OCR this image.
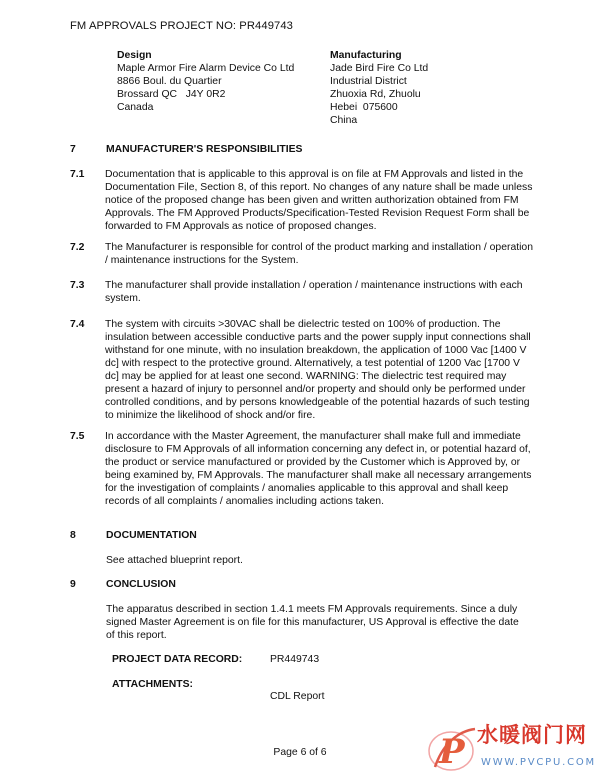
FM APPROVALS PROJECT NO: PR449743
Design
Maple Armor Fire Alarm Device Co Ltd
8866 Boul. du Quartier
Brossard QC   J4Y 0R2
Canada
Manufacturing
Jade Bird Fire Co Ltd
Industrial District
Zhuoxia Rd, Zhuolu
Hebei  075600
China
7	MANUFACTURER'S RESPONSIBILITIES
7.1 Documentation that is applicable to this approval is on file at FM Approvals and listed in the Documentation File, Section 8, of this report. No changes of any nature shall be made unless notice of the proposed change has been given and written authorization obtained from FM Approvals. The FM Approved Products/Specification-Tested Revision Request Form shall be forwarded to FM Approvals as notice of proposed changes.
7.2 The Manufacturer is responsible for control of the product marking and installation / operation / maintenance instructions for the System.
7.3 The manufacturer shall provide installation / operation / maintenance instructions with each system.
7.4 The system with circuits >30VAC shall be dielectric tested on 100% of production. The insulation between accessible conductive parts and the power supply input connections shall withstand for one minute, with no insulation breakdown, the application of 1000 Vac [1400 V dc] with respect to the protective ground. Alternatively, a test potential of 1200 Vac [1700 V dc] may be applied for at least one second. WARNING: The dielectric test required may present a hazard of injury to personnel and/or property and should only be performed under controlled conditions, and by persons knowledgeable of the potential hazards of such testing to minimize the likelihood of shock and/or fire.
7.5 In accordance with the Master Agreement, the manufacturer shall make full and immediate disclosure to FM Approvals of all information concerning any defect in, or potential hazard of, the product or service manufactured or provided by the Customer which is Approved by, or being examined by, FM Approvals. The manufacturer shall make all necessary arrangements for the investigation of complaints / anomalies applicable to this approval and shall keep records of all complaints / anomalies including actions taken.
8	DOCUMENTATION
See attached blueprint report.
9	CONCLUSION
The apparatus described in section 1.4.1 meets FM Approvals requirements. Since a duly signed Master Agreement is on file for this manufacturer, US Approval is effective the date of this report.
PROJECT DATA RECORD:	PR449743
ATTACHMENTS:
CDL Report
Page 6 of 6	P 水暖阀门网
WWW.PVCPU.COM
